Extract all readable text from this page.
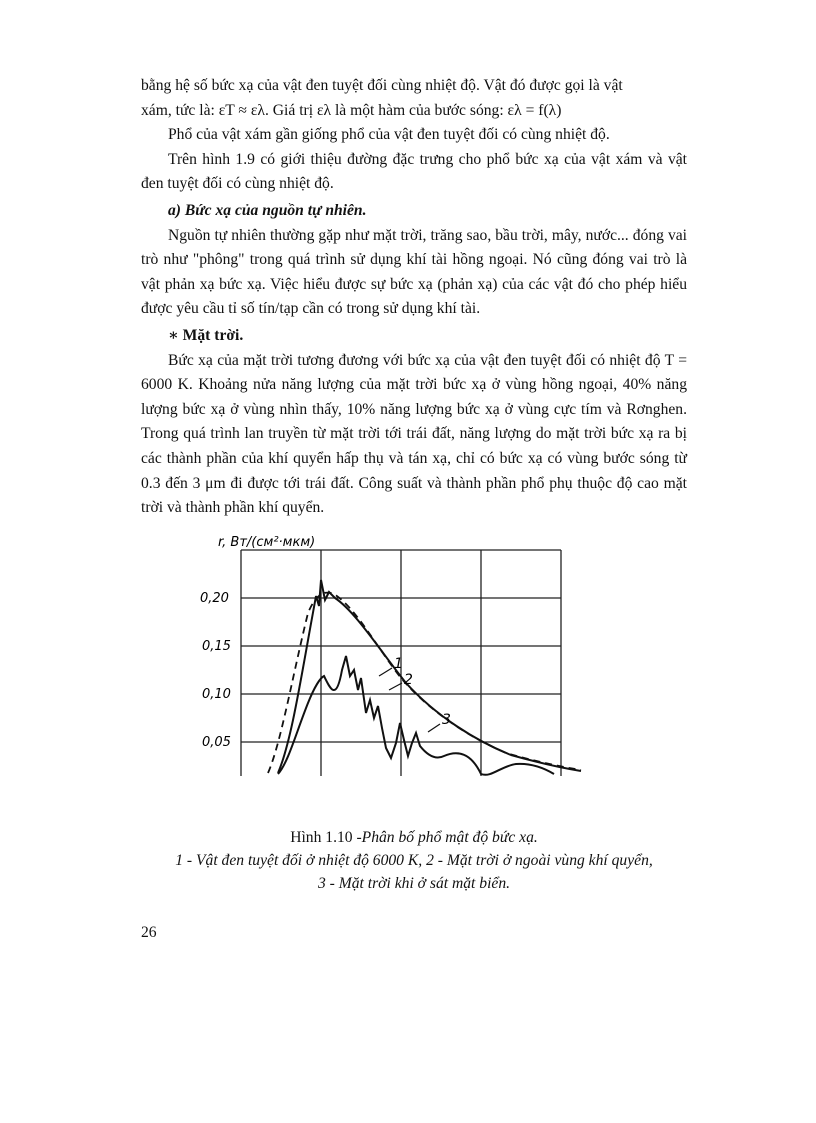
bằng hệ số bức xạ của vật đen tuyệt đối cùng nhiệt độ. Vật đó được gọi là vật

xám, tức là: εT ≈ ελ. Giá trị ελ là một hàm của bước sóng: ελ = f(λ)

Phổ của vật xám gần giống phổ của vật đen tuyệt đối có cùng nhiệt độ.

Trên hình 1.9 có giới thiệu đường đặc trưng cho phổ bức xạ của vật xám và vật đen tuyệt đối có cùng nhiệt độ.

a) Bức xạ của nguồn tự nhiên.

Nguồn tự nhiên thường gặp như mặt trời, trăng sao, bầu trời, mây, nước... đóng vai trò như "phông" trong quá trình sử dụng khí tài hồng ngoại. Nó cũng đóng vai trò là vật phản xạ bức xạ. Việc hiểu được sự bức xạ (phản xạ) của các vật đó cho phép hiểu được yêu cầu tỉ số tín/tạp cần có trong sử dụng khí tài.

∗ Mặt trời.

Bức xạ của mặt trời tương đương với bức xạ của vật đen tuyệt đối có nhiệt độ T = 6000 K. Khoảng nửa năng lượng của mặt trời bức xạ ở vùng hồng ngoại, 40% năng lượng bức xạ ở vùng nhìn thấy, 10% năng lượng bức xạ ở vùng cực tím và Rơnghen. Trong quá trình lan truyền từ mặt trời tới trái đất, năng lượng do mặt trời bức xạ ra bị các thành phần của khí quyển hấp thụ và tán xạ, chỉ có bức xạ có vùng bước sóng từ 0.3 đến 3 μm đi được tới trái đất. Công suất và thành phần phổ phụ thuộc độ cao mặt trời và thành phần khí quyển.

r, Вт/(см²·мкм)
0,20
0,15
0,10
0,05
1
2
3
Hình 1.10 -Phân bố phổ mật độ bức xạ.
1 - Vật đen tuyệt đối ở nhiệt độ 6000 K, 2 - Mặt trời ở ngoài vùng khí quyển,
3 - Mặt trời khi ở sát mặt biển.
26
